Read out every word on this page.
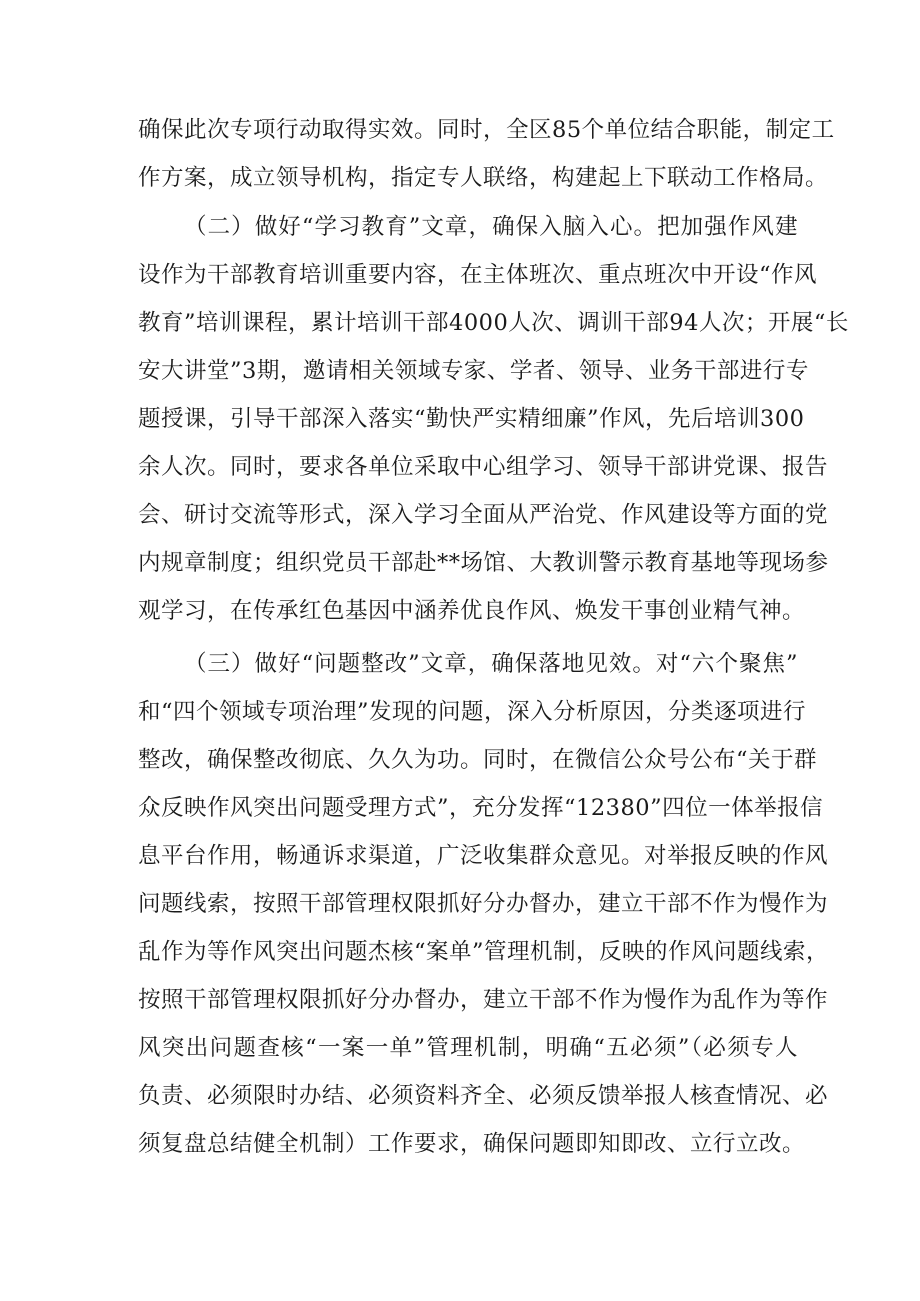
确保此次专项行动取得实效。同时，全区85个单位结合职能，制定工
作方案，成立领导机构，指定专人联络，构建起上下联动工作格局。
（二）做好“学习教育”文章，确保入脑入心。把加强作风建
设作为干部教育培训重要内容，在主体班次、重点班次中开设“作风
教育”培训课程，累计培训干部4000人次、调训干部94人次；开展“长
安大讲堂”3期，邀请相关领域专家、学者、领导、业务干部进行专
题授课，引导干部深入落实“勤快严实精细廉”作风，先后培训300
余人次。同时，要求各单位采取中心组学习、领导干部讲党课、报告
会、研讨交流等形式，深入学习全面从严治党、作风建设等方面的党
内规章制度；组织党员干部赴**场馆、大教训警示教育基地等现场参
观学习，在传承红色基因中涵养优良作风、焕发干事创业精气神。
（三）做好“问题整改”文章，确保落地见效。对“六个聚焦”
和“四个领域专项治理”发现的问题，深入分析原因，分类逐项进行
整改，确保整改彻底、久久为功。同时，在微信公众号公布“关于群
众反映作风突出问题受理方式”，充分发挥“12380”四位一体举报信
息平台作用，畅通诉求渠道，广泛收集群众意见。对举报反映的作风
问题线索，按照干部管理权限抓好分办督办，建立干部不作为慢作为
乱作为等作风突出问题杰核“案单”管理机制，反映的作风问题线索，
按照干部管理权限抓好分办督办，建立干部不作为慢作为乱作为等作
风突出问题查核“一案一单”管理机制，明确“五必须”（必须专人
负责、必须限时办结、必须资料齐全、必须反馈举报人核查情况、必
须复盘总结健全机制）工作要求，确保问题即知即改、立行立改。
